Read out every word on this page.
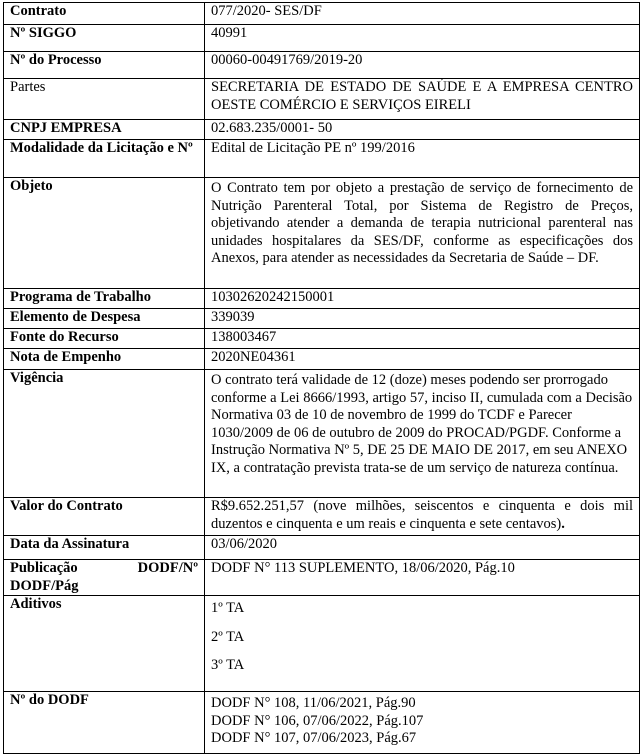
Contrato	077/2020- SES/DF
Nº SIGGO	40991
Nº do Processo	00060-00491769/2019-20
Partes	SECRETARIA DE ESTADO DE SAÚDE E A EMPRESA CENTRO OESTE COMÉRCIO E SERVIÇOS EIRELI
CNPJ EMPRESA	02.683.235/0001- 50
Modalidade da Licitação e Nº	Edital de Licitação PE nº 199/2016
Objeto	O Contrato tem por objeto a prestação de serviço de fornecimento de Nutrição Parenteral Total, por Sistema de Registro de Preços, objetivando atender a demanda de terapia nutricional parenteral nas unidades hospitalares da SES/DF, conforme as especificações dos Anexos, para atender as necessidades da Secretaria de Saúde – DF.
Programa de Trabalho	10302620242150001
Elemento de Despesa	339039
Fonte do Recurso	138003467
Nota de Empenho	2020NE04361
Vigência	O contrato terá validade de 12 (doze) meses podendo ser prorrogado conforme a Lei 8666/1993, artigo 57, inciso II, cumulada com a Decisão Normativa 03 de 10 de novembro de 1999 do TCDF e Parecer 1030/2009 de 06 de outubro de 2009 do PROCAD/PGDF. Conforme a Instrução Normativa Nº 5, DE 25 DE MAIO DE 2017, em seu ANEXO IX, a contratação prevista trata-se de um serviço de natureza contínua.
Valor do Contrato	R$9.652.251,57 (nove milhões, seiscentos e cinquenta e dois mil duzentos e cinquenta e um reais e cinquenta e sete centavos).
Data da Assinatura	03/06/2020

Publicação DODF/Nº
DODF/Pág	DODF N° 113 SUPLEMENTO, 18/06/2020, Pág.10
Aditivos	1º TA

2º TA

3º TA

Nº do DODF	DODF N° 108, 11/06/2021, Pág.90

DODF N° 106, 07/06/2022, Pág.107

DODF N° 107, 07/06/2023, Pág.67
